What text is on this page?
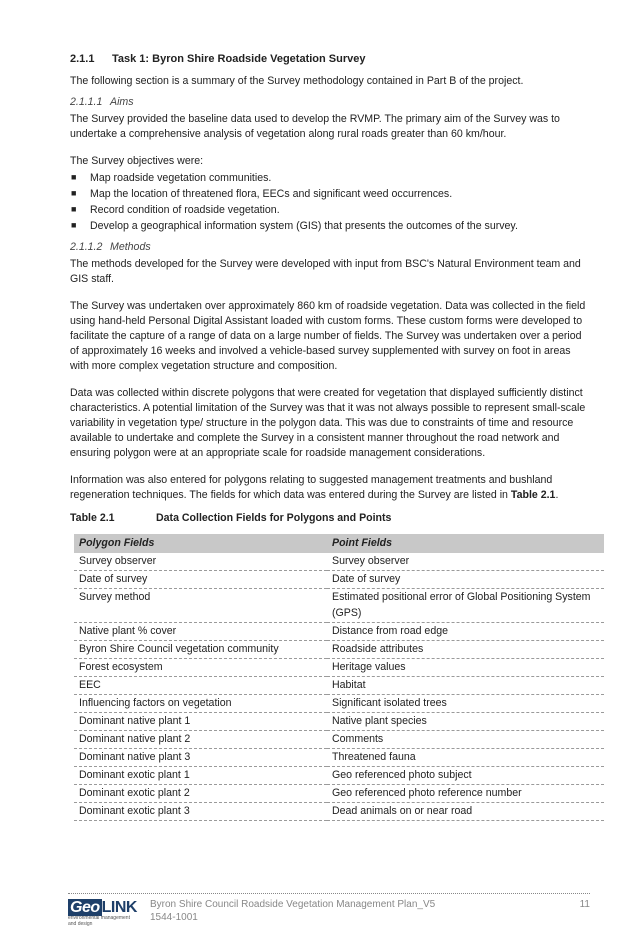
2.1.1 Task 1: Byron Shire Roadside Vegetation Survey

The following section is a summary of the Survey methodology contained in Part B of the project.

2.1.1.1 Aims

The Survey provided the baseline data used to develop the RVMP. The primary aim of the Survey was to undertake a comprehensive analysis of vegetation along rural roads greater than 60 km/hour.

The Survey objectives were:

■ Map roadside vegetation communities.
■ Map the location of threatened flora, EECs and significant weed occurrences.
■ Record condition of roadside vegetation.
■ Develop a geographical information system (GIS) that presents the outcomes of the survey.
2.1.1.2 Methods

The methods developed for the Survey were developed with input from BSC's Natural Environment team and GIS staff.

The Survey was undertaken over approximately 860 km of roadside vegetation. Data was collected in the field using hand-held Personal Digital Assistant loaded with custom forms. These custom forms were developed to facilitate the capture of a range of data on a large number of fields. The Survey was undertaken over a period of approximately 16 weeks and involved a vehicle-based survey supplemented with survey on foot in areas with more complex vegetation structure and composition.

Data was collected within discrete polygons that were created for vegetation that displayed sufficiently distinct characteristics. A potential limitation of the Survey was that it was not always possible to represent small-scale variability in vegetation type/ structure in the polygon data. This was due to constraints of time and resource available to undertake and complete the Survey in a consistent manner throughout the road network and ensuring polygon were at an appropriate scale for roadside management considerations.

Information was also entered for polygons relating to suggested management treatments and bushland regeneration techniques. The fields for which data was entered during the Survey are listed in Table 2.1.

Table 2.1	Data Collection Fields for Polygons and Points
Polygon Fields	Point Fields
Survey observer	Survey observer
Date of survey	Date of survey
Survey method	Estimated positional error of Global Positioning System (GPS)
Native plant % cover	Distance from road edge
Byron Shire Council vegetation community	Roadside attributes
Forest ecosystem	Heritage values
EEC	Habitat
Influencing factors on vegetation	Significant isolated trees
Dominant native plant 1	Native plant species
Dominant native plant 2	Comments
Dominant native plant 3	Threatened fauna
Dominant exotic plant 1	Geo referenced photo subject
Dominant exotic plant 2	Geo referenced photo reference number
Dominant exotic plant 3	Dead animals on or near road
Geo LINK
environmental management and design
Byron Shire Council Roadside Vegetation Management Plan_V5
1544-1001
11
